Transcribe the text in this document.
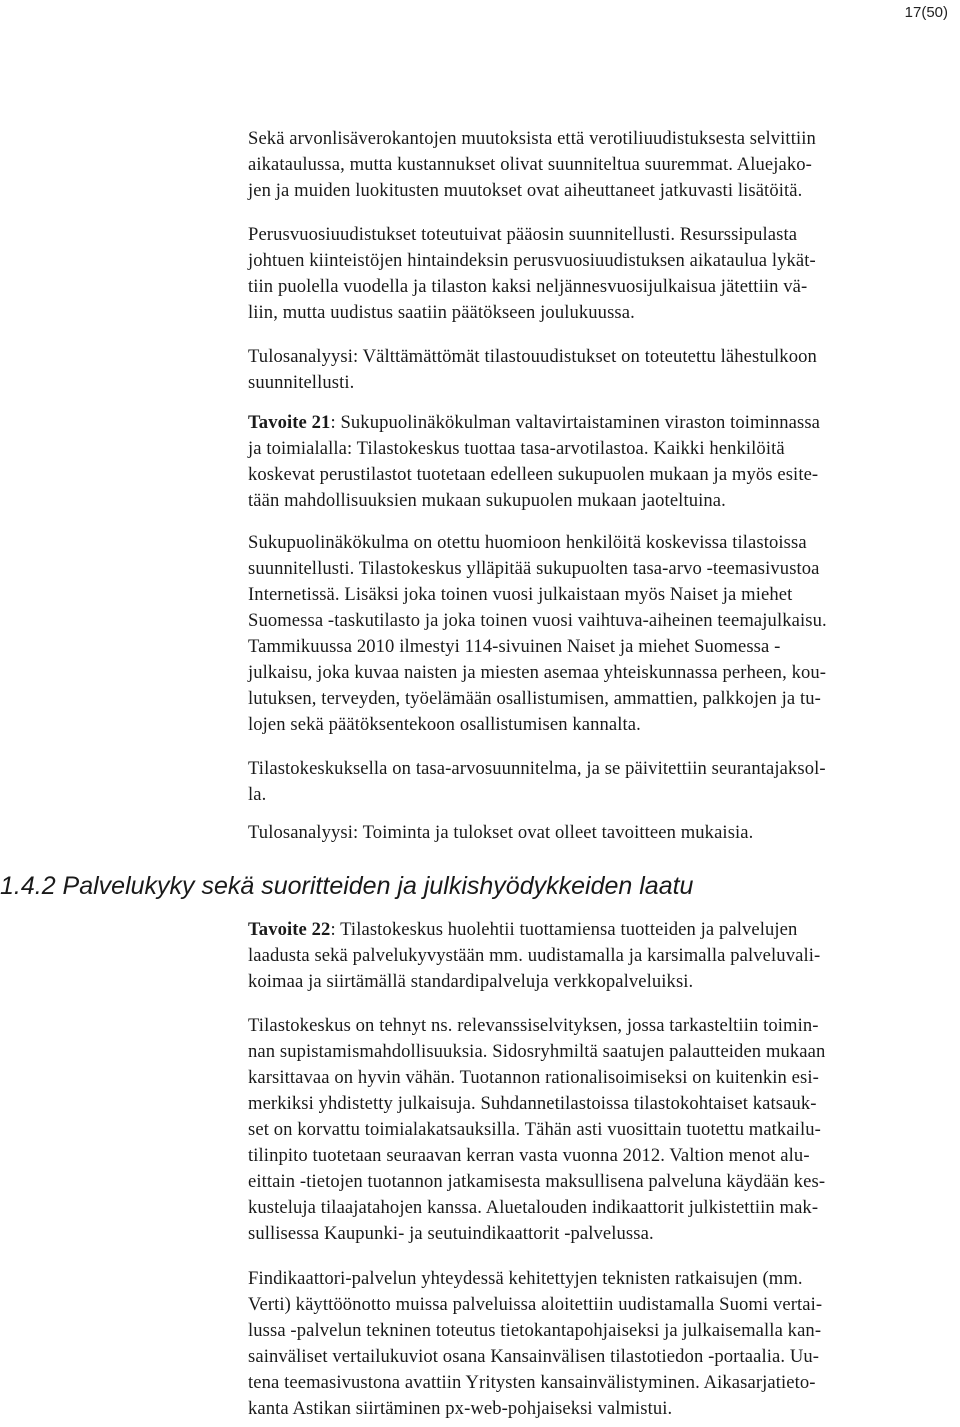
17(50)

Sekä arvonlisäverokantojen muutoksista että verotiliuudistuksesta selvittiin
aikataulussa, mutta kustannukset olivat suunniteltua suuremmat. Aluejako-
jen ja muiden luokitusten muutokset ovat aiheuttaneet jatkuvasti lisätöitä.

Perusvuosiuudistukset toteutuivat pääosin suunnitellusti. Resurssipulasta
johtuen kiinteistöjen hintaindeksin perusvuosiuudistuksen aikataulua lykät-
tiin puolella vuodella ja tilaston kaksi neljännesvuosijulkaisua jätettiin vä-
liin, mutta uudistus saatiin päätökseen joulukuussa.

Tulosanalyysi: Välttämättömät tilastouudistukset on toteutettu lähestulkoon
suunnitellusti.

Tavoite 21: Sukupuolinäkökulman valtavirtaistaminen viraston toiminnassa
ja toimialalla: Tilastokeskus tuottaa tasa-arvotilastoa. Kaikki henkilöitä
koskevat perustilastot tuotetaan edelleen sukupuolen mukaan ja myös esite-
tään mahdollisuuksien mukaan sukupuolen mukaan jaoteltuina.

Sukupuolinäkökulma on otettu huomioon henkilöitä koskevissa tilastoissa
suunnitellusti. Tilastokeskus ylläpitää sukupuolten tasa-arvo -teemasivustoa
Internetissä. Lisäksi joka toinen vuosi julkaistaan myös Naiset ja miehet
Suomessa -taskutilasto ja joka toinen vuosi vaihtuva-aiheinen teemajulkaisu.
Tammikuussa 2010 ilmestyi 114-sivuinen Naiset ja miehet Suomessa -
julkaisu, joka kuvaa naisten ja miesten asemaa yhteiskunnassa perheen, kou-
lutuksen, terveyden, työelämään osallistumisen, ammattien, palkkojen ja tu-
lojen sekä päätöksentekoon osallistumisen kannalta.

Tilastokeskuksella on tasa-arvosuunnitelma, ja se päivitettiin seurantajaksol-
la.

Tulosanalyysi: Toiminta ja tulokset ovat olleet tavoitteen mukaisia.

1.4.2 Palvelukyky sekä suoritteiden ja julkishyödykkeiden laatu

Tavoite 22: Tilastokeskus huolehtii tuottamiensa tuotteiden ja palvelujen
laadusta sekä palvelukyvystään mm. uudistamalla ja karsimalla palveluvali-
koimaa ja siirtämällä standardipalveluja verkkopalveluiksi.

Tilastokeskus on tehnyt ns. relevanssiselvityksen, jossa tarkasteltiin toimin-
nan supistamismahdollisuuksia. Sidosryhmiltä saatujen palautteiden mukaan
karsittavaa on hyvin vähän. Tuotannon rationalisoimiseksi on kuitenkin esi-
merkiksi yhdistetty julkaisuja. Suhdannetilastoissa tilastokohtaiset katsauk-
set on korvattu toimialakatsauksilla. Tähän asti vuosittain tuotettu matkailu-
tilinpito tuotetaan seuraavan kerran vasta vuonna 2012. Valtion menot alu-
eittain -tietojen tuotannon jatkamisesta maksullisena palveluna käydään kes-
kusteluja tilaajatahojen kanssa. Aluetalouden indikaattorit julkistettiin mak-
sullisessa Kaupunki- ja seutuindikaattorit -palvelussa.

Findikaattori-palvelun yhteydessä kehitettyjen teknisten ratkaisujen (mm.
Verti) käyttöönotto muissa palveluissa aloitettiin uudistamalla Suomi vertai-
lussa -palvelun tekninen toteutus tietokantapohjaiseksi ja julkaisemalla kan-
sainväliset vertailukuviot osana Kansainvälisen tilastotiedon -portaalia. Uu-
tena teemasivustona avattiin Yritysten kansainvälistyminen. Aikasarjatieto-
kanta Astikan siirtäminen px-web-pohjaiseksi valmistui.
